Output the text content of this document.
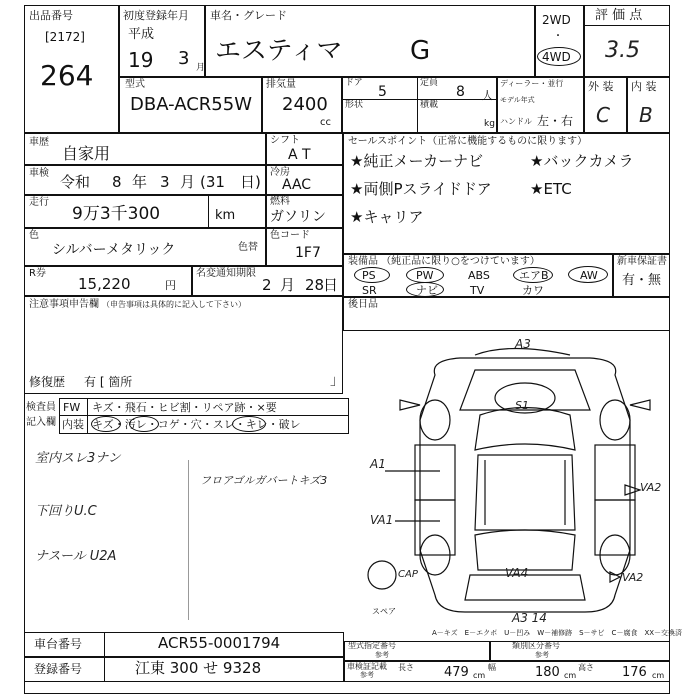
出品番号
[2172]
264
初度登録年月
平成
19 3 月
車名・グレード
エスティマ	G
2WD
・
4WD
評 価 点
3.5
型式
DBA-ACR55W
排気量
2400
cc
ドア
5
定員
8 人
形状	積載
kg
ディーラー・並行
モデル年式
ハンドル 左・右
外 装
C
内 装
B
車歴
自家用
車検 令和 8 年 3 月 (31 日)
走行
9万3千300	km
色
シルバーメタリック	色替
R券
15,220	円
名変通知期限
2 月 28
日
シフト
A T
冷房
AAC
燃料
ガソリン
色コード
1F7
注意事項申告欄 （申告事項は具体的に記入して下さい）
修復歴 有 [ 箇所	」
セールスポイント（正常に機能するものに限ります）
★純正メーカーナビ	★バックカメラ
★両側Pスライドドア	★ETC
★キャリア
装備品 （純正品に限り○をつけています）
PS	PW	ABS	エアB	AW
SR	ナビ	TV	カワ
新車保証書
有・無
後日品
検査員
記入欄
FW キズ・飛石・ヒビ割・リペア跡・×要
内装 キズ・汚レ・コゲ・穴・スレ・キレ・破レ
室内スレ3ナン
下回りU.C
ナスール U2A
フロアゴルガバートキズ3
A3
S1
A1
VA1
VA2
VA4
CAP	VA2
A3 14
スペア
A－キズ　E－エクボ　U－凹み　W－補修跡　S－サビ　C－腐食　XX－交換済
車台番号	ACR55-0001794
登録番号	江東 300 せ 9328
型式指定番号
参考
類別区分番号
参考
車検証記載
参考
長さ 479 cm
幅	180 cm
高さ 176 cm
